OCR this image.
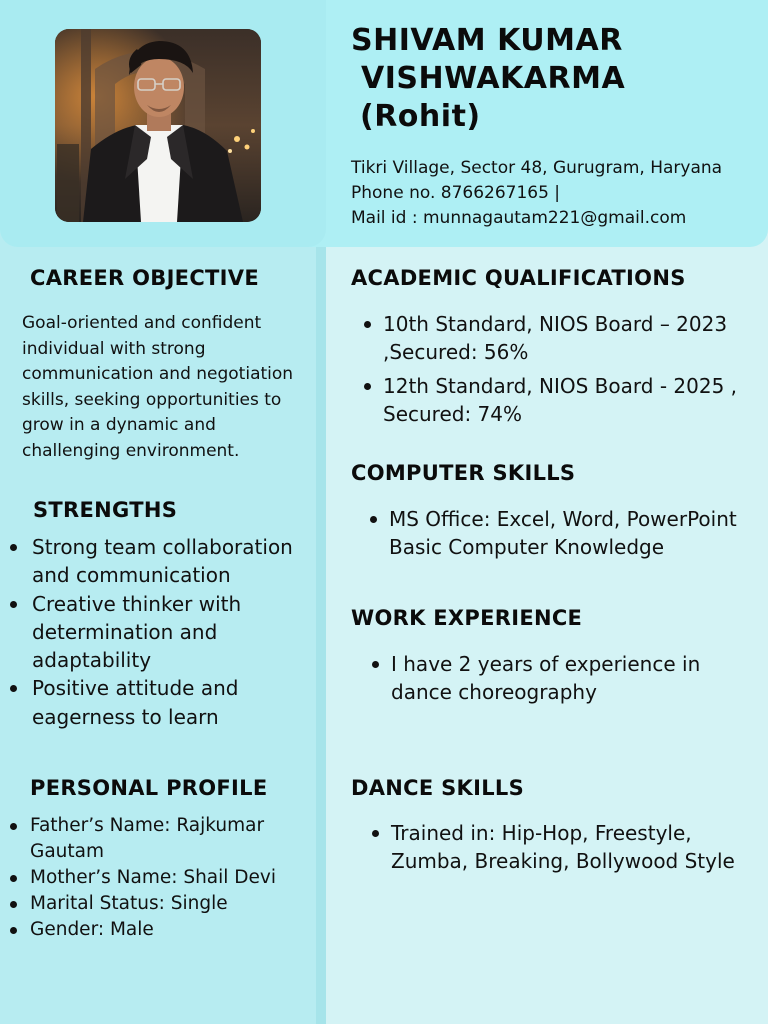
SHIVAM KUMAR
VISHWAKARMA
(Rohit)
Tikri Village, Sector 48, Gurugram, Haryana
Phone no. 8766267165 |
Mail id : munnagautam221@gmail.com
CAREER OBJECTIVE
Goal-oriented and confident individual with strong communication and negotiation skills, seeking opportunities to grow in a dynamic and challenging environment.
STRENGTHS
Strong team collaboration and communication
Creative thinker with determination and adaptability
Positive attitude and eagerness to learn
PERSONAL PROFILE
Father’s Name: Rajkumar Gautam
Mother’s Name: Shail Devi
Marital Status: Single
Gender: Male
ACADEMIC QUALIFICATIONS
10th Standard, NIOS Board – 2023 ,Secured: 56%
12th Standard, NIOS Board - 2025 , Secured: 74%
COMPUTER SKILLS
MS Office: Excel, Word, PowerPoint Basic Computer Knowledge
WORK EXPERIENCE
I have 2 years of experience in dance choreography
DANCE SKILLS
Trained in: Hip-Hop, Freestyle, Zumba, Breaking, Bollywood Style
